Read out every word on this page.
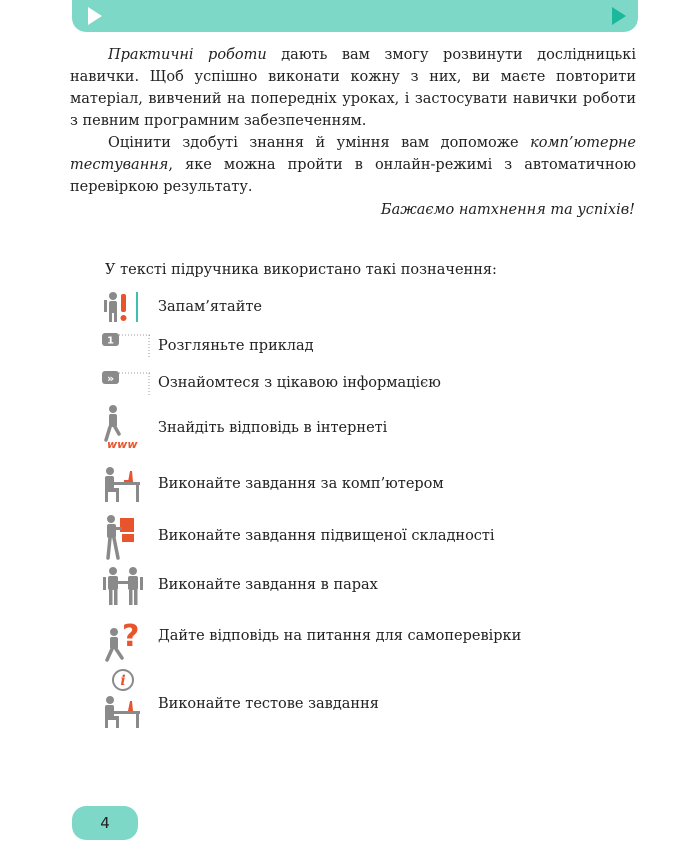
Практичні роботи дають вам змогу розвинути дослідницькі навички. Щоб успішно виконати кожну з них, ви маєте повторити матеріал, вивчений на попередніх уроках, і застосувати навички роботи з певним програмним забезпеченням.

Оцінити здобуті знання й уміння вам допоможе комп’ютерне тестування, яке можна пройти в онлайн-режимі з автоматичною перевіркою результату.

Бажаємо натхнення та успіхів!

У тексті підручника використано такі позначення:

Запам’ятайте
1	Розгляньте приклад
»	Ознайомтеся з цікавою інформацією
www
Знайдіть відповідь в інтернеті
Виконайте завдання за комп’ютером
Виконайте завдання підвищеної складності
Виконайте завдання в парах
? Дайте відповідь на питання для самоперевірки
i
Виконайте тестове завдання
4
